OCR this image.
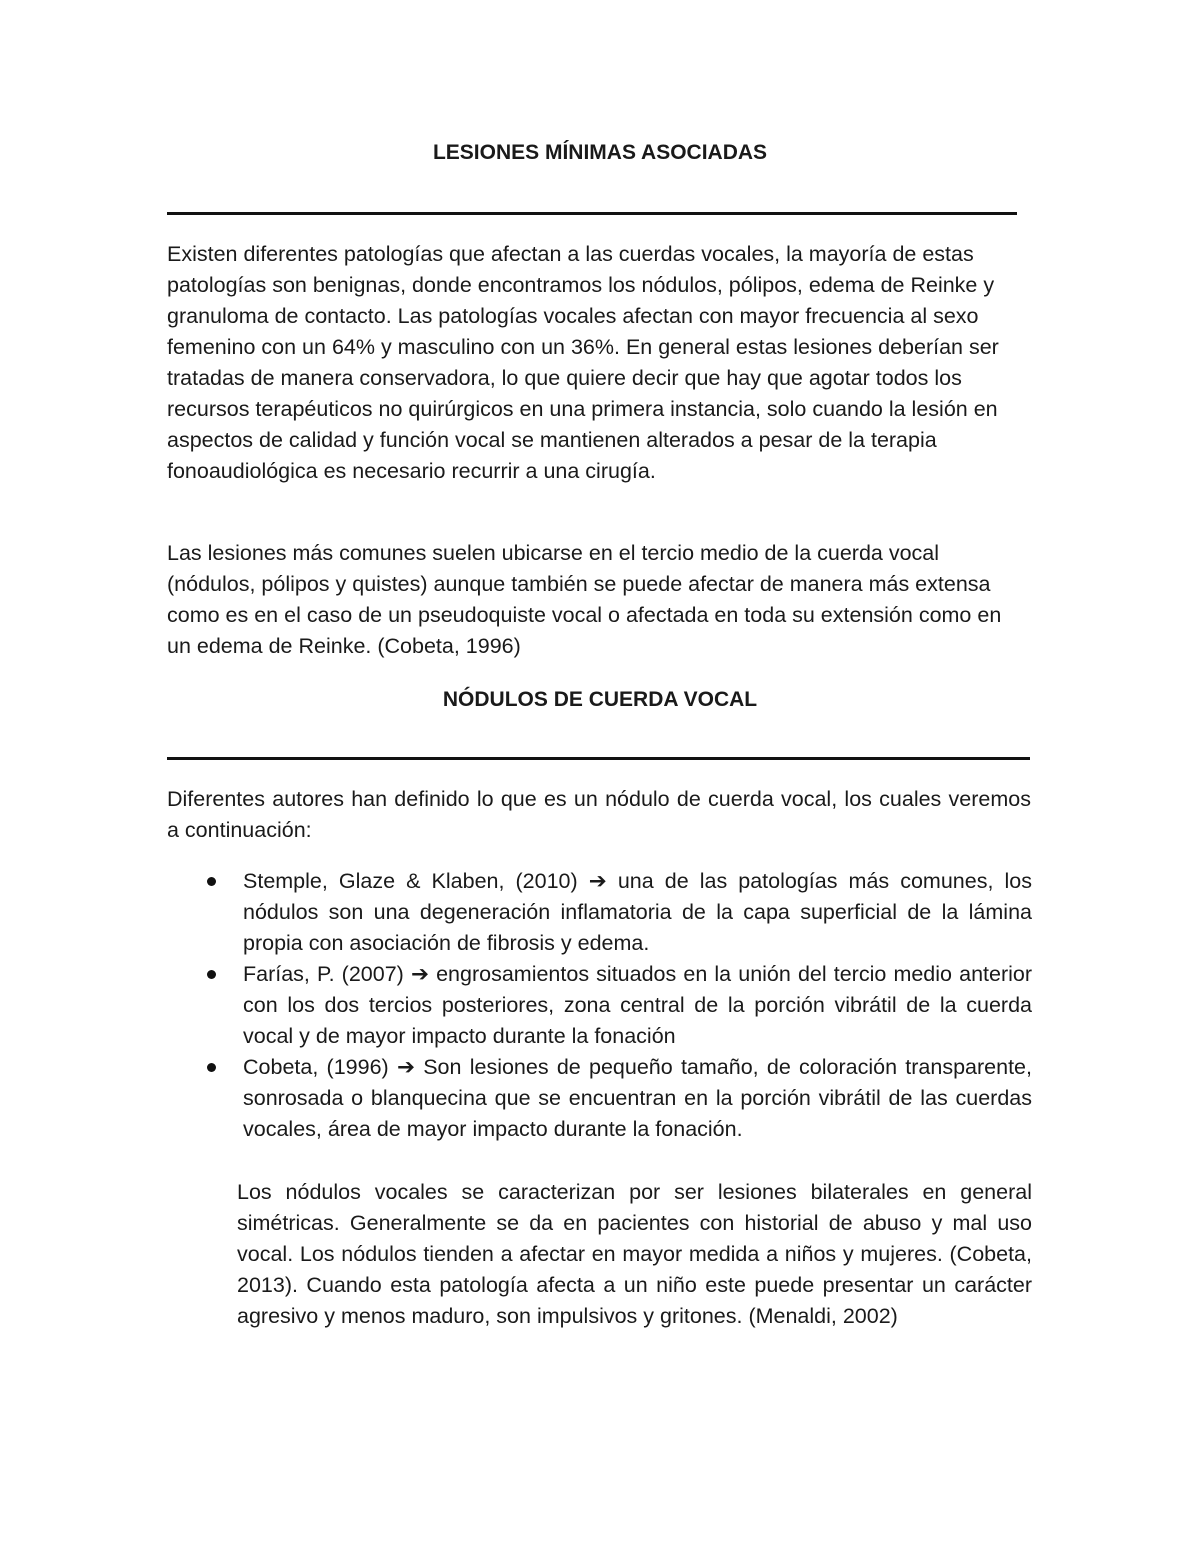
LESIONES MÍNIMAS ASOCIADAS

Existen diferentes patologías que afectan a las cuerdas vocales, la mayoría de estas patologías son benignas, donde encontramos los nódulos, pólipos, edema de Reinke y granuloma de contacto. Las patologías vocales afectan con mayor frecuencia al sexo femenino con un 64% y masculino con un 36%. En general estas lesiones deberían ser tratadas de manera conservadora, lo que quiere decir que hay que agotar todos los recursos terapéuticos no quirúrgicos en una primera instancia, solo cuando la lesión en aspectos de calidad y función vocal se mantienen alterados a pesar de la terapia fonoaudiológica es necesario recurrir a una cirugía.

Las lesiones más comunes suelen ubicarse en el tercio medio de la cuerda vocal (nódulos, pólipos y quistes) aunque también se puede afectar de manera más extensa como es en el caso de un pseudoquiste vocal o afectada en toda su extensión como en un edema de Reinke. (Cobeta, 1996)

NÓDULOS DE CUERDA VOCAL

Diferentes autores han definido lo que es un nódulo de cuerda vocal, los cuales veremos a continuación:

Stemple, Glaze & Klaben, (2010) ➔ una de las patologías más comunes, los nódulos son una degeneración inflamatoria de la capa superficial de la lámina propia con asociación de fibrosis y edema.
Farías, P. (2007) ➔ engrosamientos situados en la unión del tercio medio anterior con los dos tercios posteriores, zona central de la porción vibrátil de la cuerda vocal y de mayor impacto durante la fonación
Cobeta, (1996) ➔ Son lesiones de pequeño tamaño, de coloración transparente, sonrosada o blanquecina que se encuentran en la porción vibrátil de las cuerdas vocales, área de mayor impacto durante la fonación.

Los nódulos vocales se caracterizan por ser lesiones bilaterales en general simétricas. Generalmente se da en pacientes con historial de abuso y mal uso vocal. Los nódulos tienden a afectar en mayor medida a niños y mujeres. (Cobeta, 2013). Cuando esta patología afecta a un niño este puede presentar un carácter agresivo y menos maduro, son impulsivos y gritones. (Menaldi, 2002)
